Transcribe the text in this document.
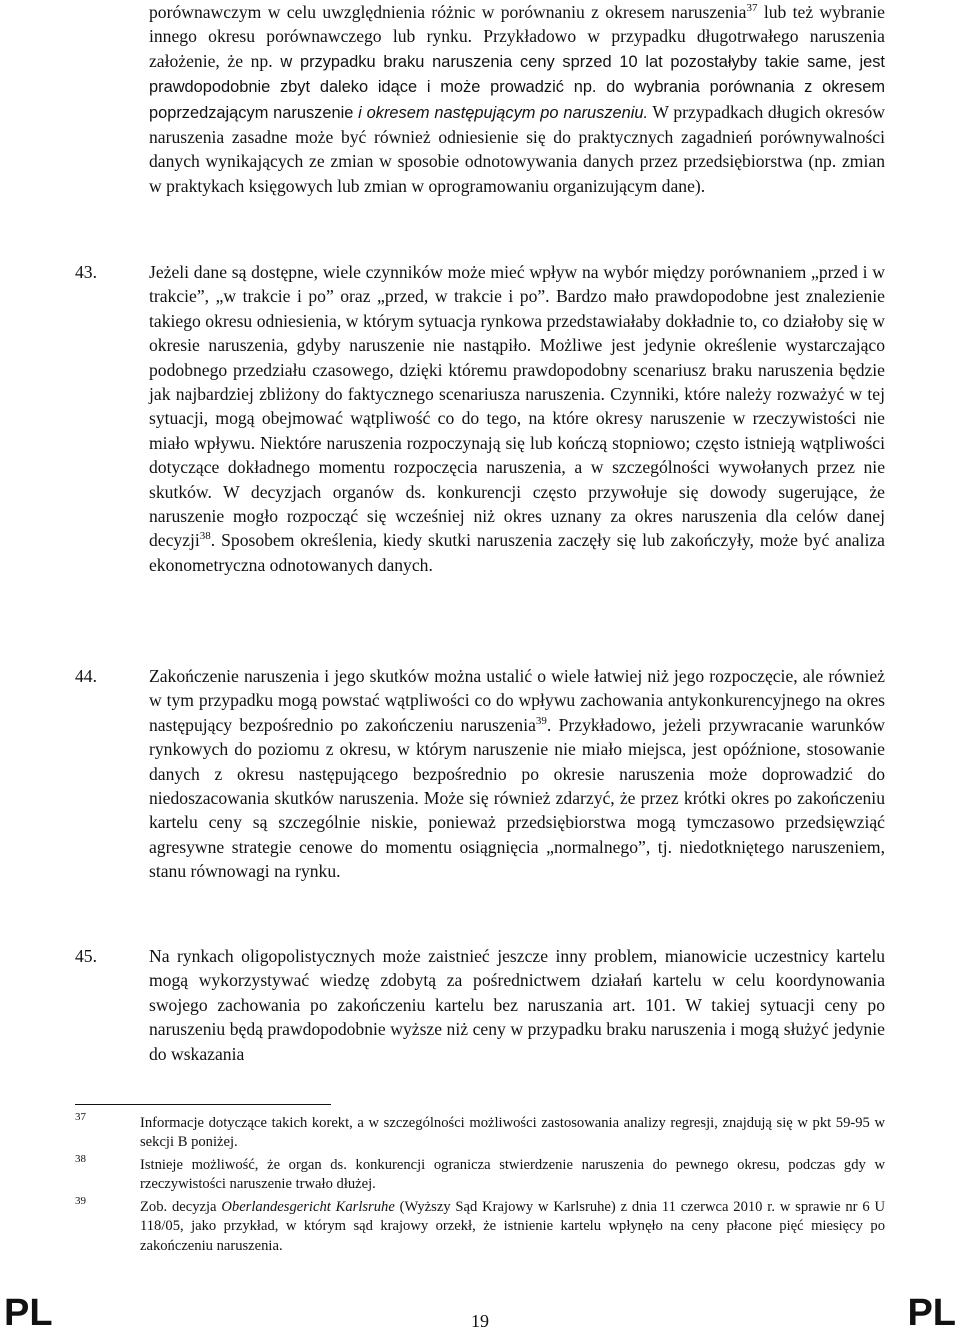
porównawczym w celu uwzględnienia różnic w porównaniu z okresem naruszenia$^{37}$ lub też wybranie innego okresu porównawczego lub rynku. Przykładowo w przypadku długotrwałego naruszenia założenie, że np. w przypadku braku naruszenia ceny sprzed 10 lat pozostałyby takie same, jest prawdopodobnie zbyt daleko idące i może prowadzić np. do wybrania porównania z okresem poprzedzającym naruszenie i okresem następującym po naruszeniu. W przypadkach długich okresów naruszenia zasadne może być również odniesienie się do praktycznych zagadnień porównywalności danych wynikających ze zmian w sposobie odnotowywania danych przez przedsiębiorstwa (np. zmian w praktykach księgowych lub zmian w oprogramowaniu organizującym dane).

43.	Jeżeli dane są dostępne, wiele czynników może mieć wpływ na wybór między porównaniem „przed i w trakcie”, „w trakcie i po” oraz „przed, w trakcie i po”. Bardzo mało prawdopodobne jest znalezienie takiego okresu odniesienia, w którym sytuacja rynkowa przedstawiałaby dokładnie to, co działoby się w okresie naruszenia, gdyby naruszenie nie nastąpiło. Możliwe jest jedynie określenie wystarczająco podobnego przedziału czasowego, dzięki któremu prawdopodobny scenariusz braku naruszenia będzie jak najbardziej zbliżony do faktycznego scenariusza naruszenia. Czynniki, które należy rozważyć w tej sytuacji, mogą obejmować wątpliwość co do tego, na które okresy naruszenie w rzeczywistości nie miało wpływu. Niektóre naruszenia rozpoczynają się lub kończą stopniowo; często istnieją wątpliwości dotyczące dokładnego momentu rozpoczęcia naruszenia, a w szczególności wywołanych przez nie skutków. W decyzjach organów ds. konkurencji często przywołuje się dowody sugerujące, że naruszenie mogło rozpocząć się wcześniej niż okres uznany za okres naruszenia dla celów danej decyzji$^{38}$. Sposobem określenia, kiedy skutki naruszenia zaczęły się lub zakończyły, może być analiza ekonometryczna odnotowanych danych.

44.	Zakończenie naruszenia i jego skutków można ustalić o wiele łatwiej niż jego rozpoczęcie, ale również w tym przypadku mogą powstać wątpliwości co do wpływu zachowania antykonkurencyjnego na okres następujący bezpośrednio po zakończeniu naruszenia$^{39}$. Przykładowo, jeżeli przywracanie warunków rynkowych do poziomu z okresu, w którym naruszenie nie miało miejsca, jest opóźnione, stosowanie danych z okresu następującego bezpośrednio po okresie naruszenia może doprowadzić do niedoszacowania skutków naruszenia. Może się również zdarzyć, że przez krótki okres po zakończeniu kartelu ceny są szczególnie niskie, ponieważ przedsiębiorstwa mogą tymczasowo przedsięwziąć agresywne strategie cenowe do momentu osiągnięcia „normalnego”, tj. niedotkniętego naruszeniem, stanu równowagi na rynku.

45.	Na rynkach oligopolistycznych może zaistnieć jeszcze inny problem, mianowicie uczestnicy kartelu mogą wykorzystywać wiedzę zdobytą za pośrednictwem działań kartelu w celu koordynowania swojego zachowania po zakończeniu kartelu bez naruszania art. 101. W takiej sytuacji ceny po naruszeniu będą prawdopodobnie wyższe niż ceny w przypadku braku naruszenia i mogą służyć jedynie do wskazania

37	Informacje dotyczące takich korekt, a w szczególności możliwości zastosowania analizy regresji, znajdują się w pkt 59-95 w sekcji B poniżej.

38	Istnieje możliwość, że organ ds. konkurencji ogranicza stwierdzenie naruszenia do pewnego okresu, podczas gdy w rzeczywistości naruszenie trwało dłużej.

39	Zob. decyzja Oberlandesgericht Karlsruhe (Wyższy Sąd Krajowy w Karlsruhe) z dnia 11 czerwca 2010 r. w sprawie nr 6 U 118/05, jako przykład, w którym sąd krajowy orzekł, że istnienie kartelu wpłynęło na ceny płacone pięć miesięcy po zakończeniu naruszenia.

PL	19	PL
